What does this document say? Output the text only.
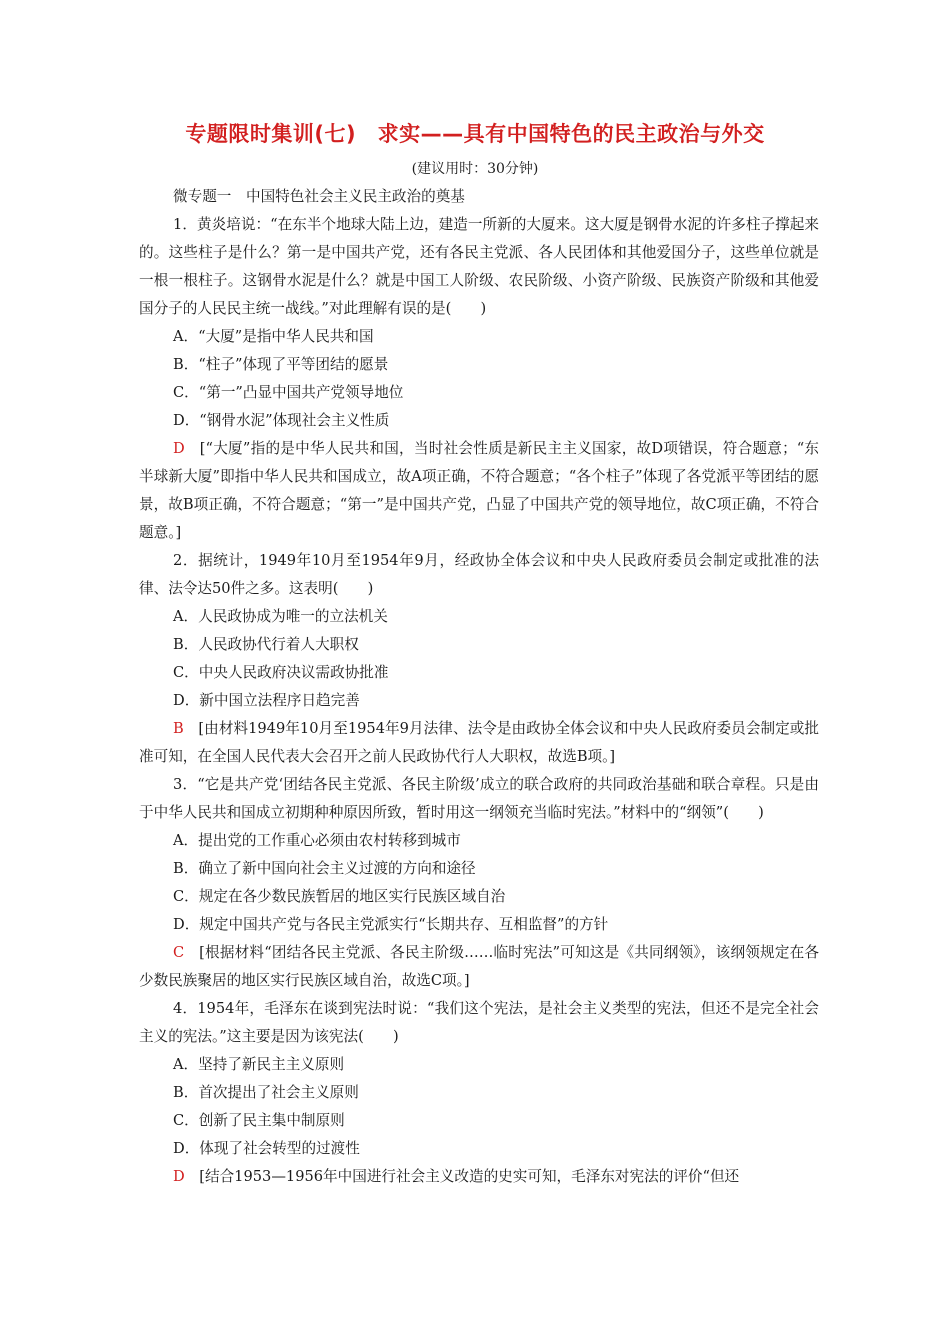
专题限时集训(七)　求实——具有中国特色的民主政治与外交
(建议用时：30分钟)

微专题一　中国特色社会主义民主政治的奠基

1．黄炎培说：“在东半个地球大陆上边，建造一所新的大厦来。这大厦是钢骨水泥的许多柱子撑起来的。这些柱子是什么？第一是中国共产党，还有各民主党派、各人民团体和其他爱国分子，这些单位就是一根一根柱子。这钢骨水泥是什么？就是中国工人阶级、农民阶级、小资产阶级、民族资产阶级和其他爱国分子的人民民主统一战线。”对此理解有误的是(　　)

A．“大厦”是指中华人民共和国

B．“柱子”体现了平等团结的愿景

C．“第一”凸显中国共产党领导地位

D．“钢骨水泥”体现社会主义性质

D　[“大厦”指的是中华人民共和国，当时社会性质是新民主主义国家，故D项错误，符合题意；“东半球新大厦”即指中华人民共和国成立，故A项正确，不符合题意；“各个柱子”体现了各党派平等团结的愿景，故B项正确，不符合题意；“第一”是中国共产党，凸显了中国共产党的领导地位，故C项正确，不符合题意。]

2．据统计，1949年10月至1954年9月，经政协全体会议和中央人民政府委员会制定或批准的法律、法令达50件之多。这表明(　　)

A．人民政协成为唯一的立法机关

B．人民政协代行着人大职权

C．中央人民政府决议需政协批准

D．新中国立法程序日趋完善

B　[由材料1949年10月至1954年9月法律、法令是由政协全体会议和中央人民政府委员会制定或批准可知，在全国人民代表大会召开之前人民政协代行人大职权，故选B项。]

3．“它是共产党‘团结各民主党派、各民主阶级’成立的联合政府的共同政治基础和联合章程。只是由于中华人民共和国成立初期种种原因所致，暂时用这一纲领充当临时宪法。”材料中的“纲领”(　　)

A．提出党的工作重心必须由农村转移到城市

B．确立了新中国向社会主义过渡的方向和途径

C．规定在各少数民族暂居的地区实行民族区域自治

D．规定中国共产党与各民主党派实行“长期共存、互相监督”的方针

C　[根据材料“团结各民主党派、各民主阶级……临时宪法”可知这是《共同纲领》，该纲领规定在各少数民族聚居的地区实行民族区域自治，故选C项。]

4．1954年，毛泽东在谈到宪法时说：“我们这个宪法，是社会主义类型的宪法，但还不是完全社会主义的宪法。”这主要是因为该宪法(　　)

A．坚持了新民主主义原则

B．首次提出了社会主义原则

C．创新了民主集中制原则

D．体现了社会转型的过渡性

D　[结合1953—1956年中国进行社会主义改造的史实可知，毛泽东对宪法的评价“但还
